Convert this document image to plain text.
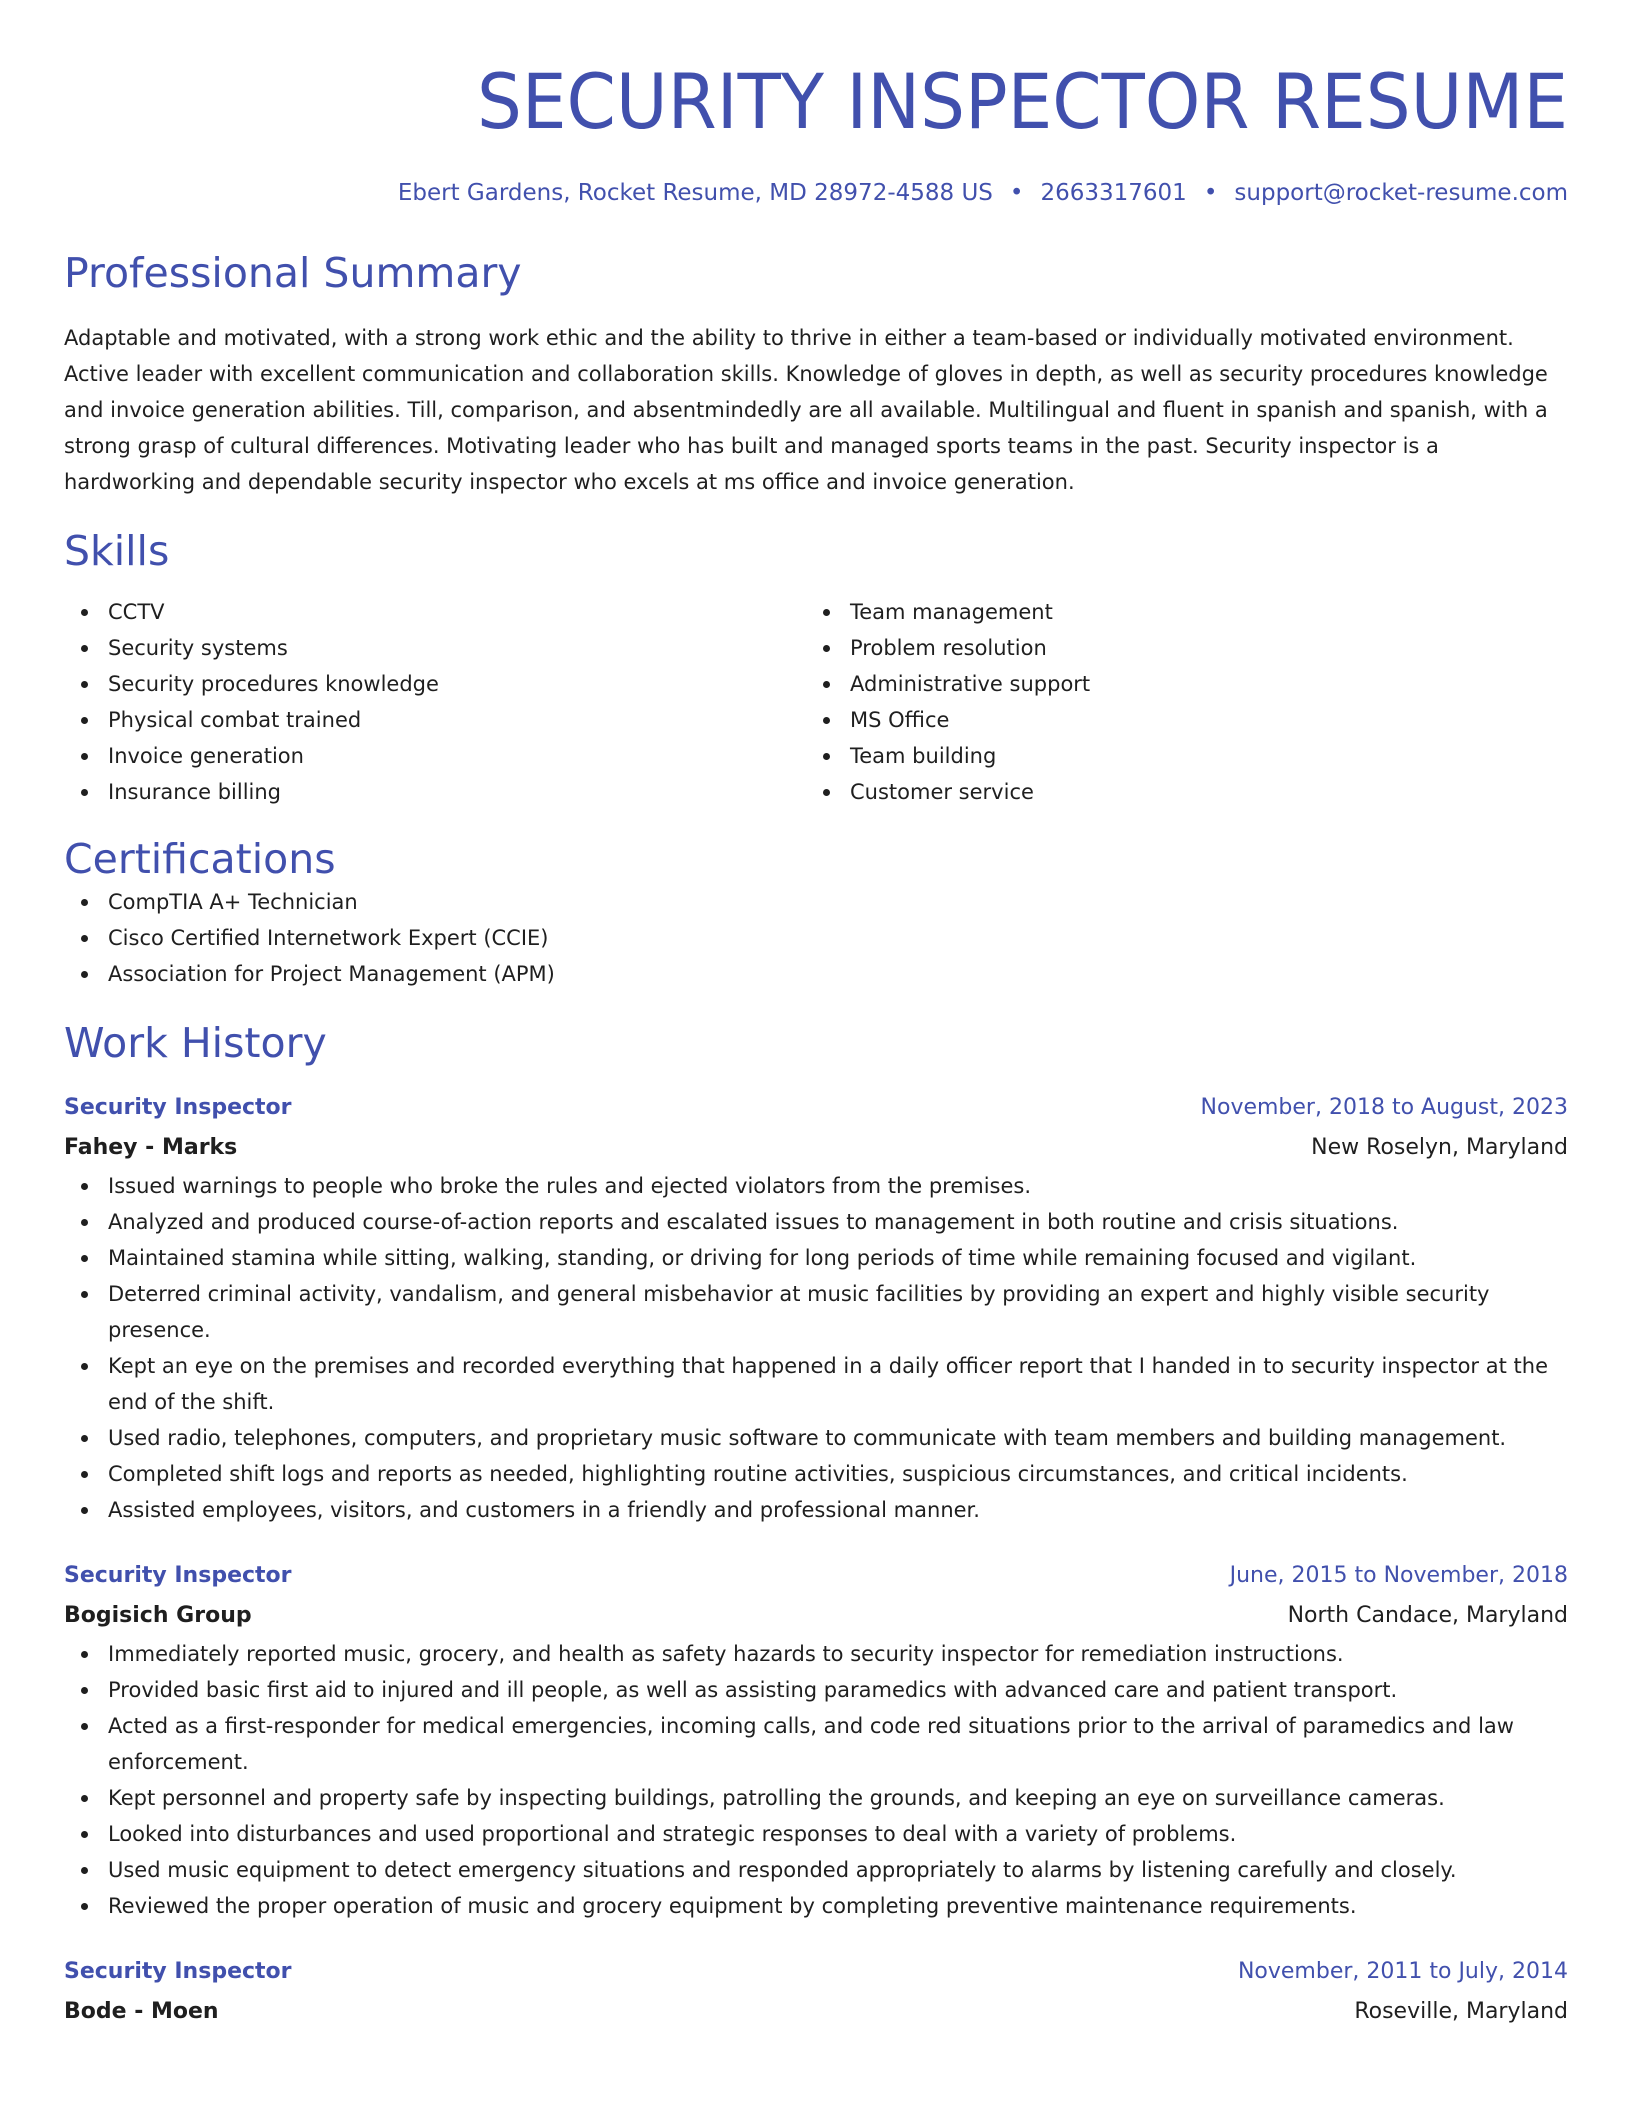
SECURITY INSPECTOR RESUME
Ebert Gardens, Rocket Resume, MD 28972-4588 US • 2663317601 • support@rocket-resume.com
Professional Summary

Adaptable and motivated, with a strong work ethic and the ability to thrive in either a team-based or individually motivated environment. Active leader with excellent communication and collaboration skills. Knowledge of gloves in depth, as well as security procedures knowledge and invoice generation abilities. Till, comparison, and absentmindedly are all available. Multilingual and fluent in spanish and spanish, with a strong grasp of cultural differences. Motivating leader who has built and managed sports teams in the past. Security inspector is a hardworking and dependable security inspector who excels at ms office and invoice generation.

Skills
CCTV
Security systems
Security procedures knowledge
Physical combat trained
Invoice generation
Insurance billing
Team management
Problem resolution
Administrative support
MS Office
Team building
Customer service
Certifications
CompTIA A+ Technician
Cisco Certified Internetwork Expert (CCIE)
Association for Project Management (APM)
Work History
Security Inspector	November, 2018 to August, 2023
Fahey - Marks	New Roselyn, Maryland
Issued warnings to people who broke the rules and ejected violators from the premises.
Analyzed and produced course-of-action reports and escalated issues to management in both routine and crisis situations.
Maintained stamina while sitting, walking, standing, or driving for long periods of time while remaining focused and vigilant.
Deterred criminal activity, vandalism, and general misbehavior at music facilities by providing an expert and highly visible security presence.
Kept an eye on the premises and recorded everything that happened in a daily officer report that I handed in to security inspector at the end of the shift.
Used radio, telephones, computers, and proprietary music software to communicate with team members and building management.
Completed shift logs and reports as needed, highlighting routine activities, suspicious circumstances, and critical incidents.
Assisted employees, visitors, and customers in a friendly and professional manner.
Security Inspector	June, 2015 to November, 2018
Bogisich Group	North Candace, Maryland
Immediately reported music, grocery, and health as safety hazards to security inspector for remediation instructions.
Provided basic first aid to injured and ill people, as well as assisting paramedics with advanced care and patient transport.
Acted as a first-responder for medical emergencies, incoming calls, and code red situations prior to the arrival of paramedics and law enforcement.
Kept personnel and property safe by inspecting buildings, patrolling the grounds, and keeping an eye on surveillance cameras.
Looked into disturbances and used proportional and strategic responses to deal with a variety of problems.
Used music equipment to detect emergency situations and responded appropriately to alarms by listening carefully and closely.
Reviewed the proper operation of music and grocery equipment by completing preventive maintenance requirements.
Security Inspector	November, 2011 to July, 2014
Bode - Moen	Roseville, Maryland
